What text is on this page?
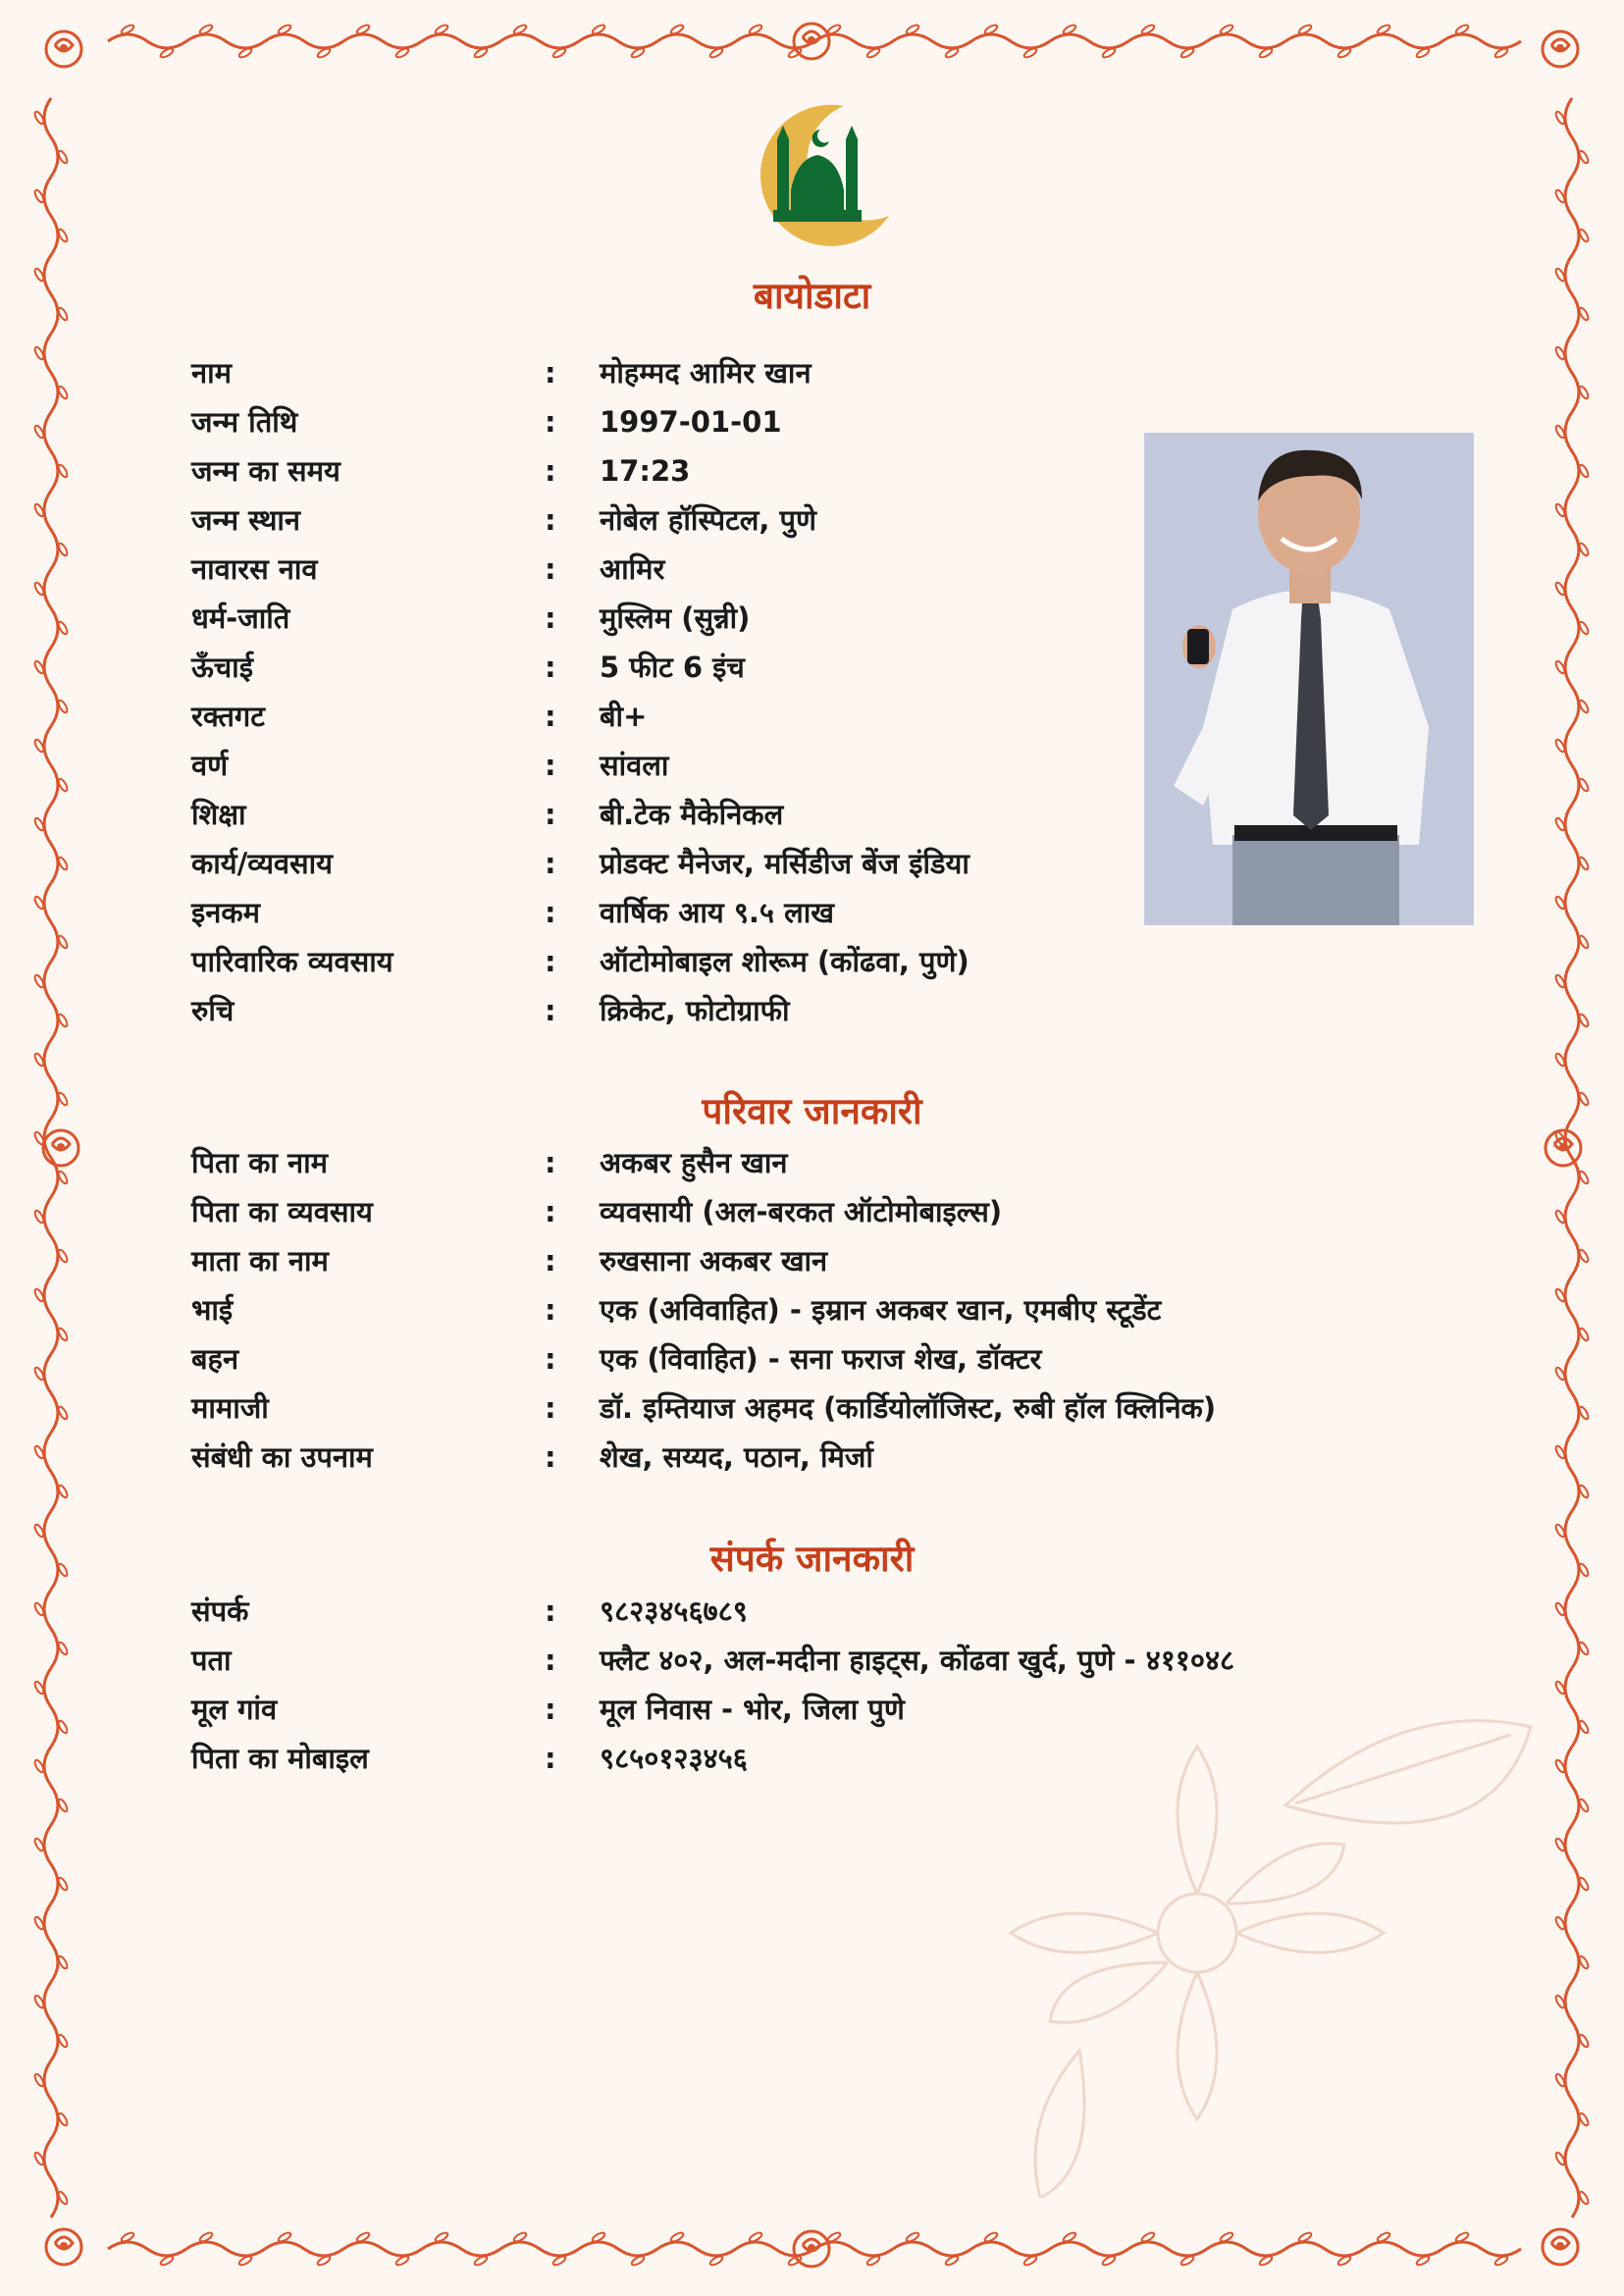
बायोडाटा
नाम	: मोहम्मद आमिर खान
जन्म तिथि	: 1997-01-01
जन्म का समय	: 17:23
जन्म स्थान	: नोबेल हॉस्पिटल, पुणे
नावारस नाव	: आमिर
धर्म-जाति	: मुस्लिम (सुन्नी)
ऊँचाई	: 5 फीट 6 इंच
रक्तगट	: बी+
वर्ण	: सांवला
शिक्षा	: बी.टेक मैकेनिकल
कार्य/व्यवसाय	: प्रोडक्ट मैनेजर, मर्सिडीज बेंज इंडिया
इनकम	: वार्षिक आय ९.५ लाख
पारिवारिक व्यवसाय	: ऑटोमोबाइल शोरूम (कोंढवा, पुणे)
रुचि	: क्रिकेट, फोटोग्राफी
परिवार जानकारी
पिता का नाम	: अकबर हुसैन खान
पिता का व्यवसाय	: व्यवसायी (अल-बरकत ऑटोमोबाइल्स)
माता का नाम	: रुखसाना अकबर खान
भाई	: एक (अविवाहित) - इम्रान अकबर खान, एमबीए स्टूडेंट
बहन	: एक (विवाहित) - सना फराज शेख, डॉक्टर
मामाजी	: डॉ. इम्तियाज अहमद (कार्डियोलॉजिस्ट, रुबी हॉल क्लिनिक)
संबंधी का उपनाम	: शेख, सय्यद, पठान, मिर्जा
संपर्क जानकारी
संपर्क	: ९८२३४५६७८९
पता	: फ्लैट ४०२, अल-मदीना हाइट्स, कोंढवा खुर्द, पुणे - ४११०४८
मूल गांव	: मूल निवास - भोर, जिला पुणे
पिता का मोबाइल	: ९८५०१२३४५६
